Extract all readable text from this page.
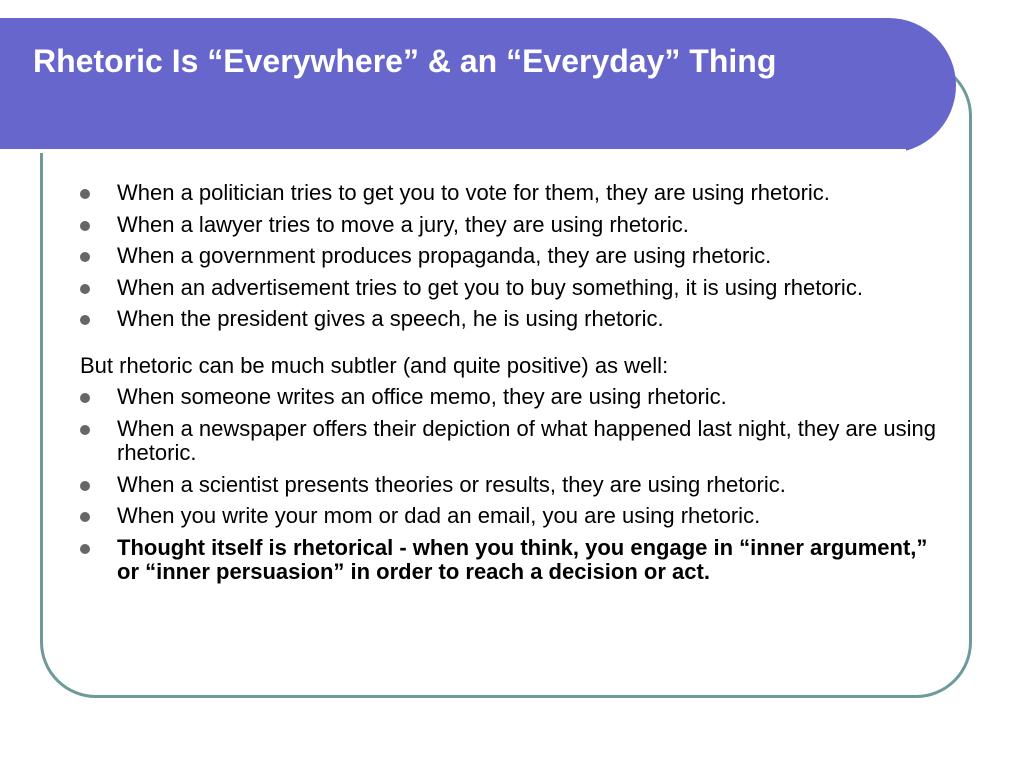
Rhetoric Is “Everywhere” & an “Everyday” Thing
When a politician tries to get you to vote for them, they are using rhetoric.
When a lawyer tries to move a jury, they are using rhetoric.
When a government produces propaganda, they are using rhetoric.
When an advertisement tries to get you to buy something, it is using rhetoric.
When the president gives a speech, he is using rhetoric.

But rhetoric can be much subtler (and quite positive) as well:

When someone writes an office memo, they are using rhetoric.
When a newspaper offers their depiction of what happened last night, they are using rhetoric.
When a scientist presents theories or results, they are using rhetoric.
When you write your mom or dad an email, you are using rhetoric.
Thought itself is rhetorical - when you think, you engage in “inner argument,” or “inner persuasion” in order to reach a decision or act.
